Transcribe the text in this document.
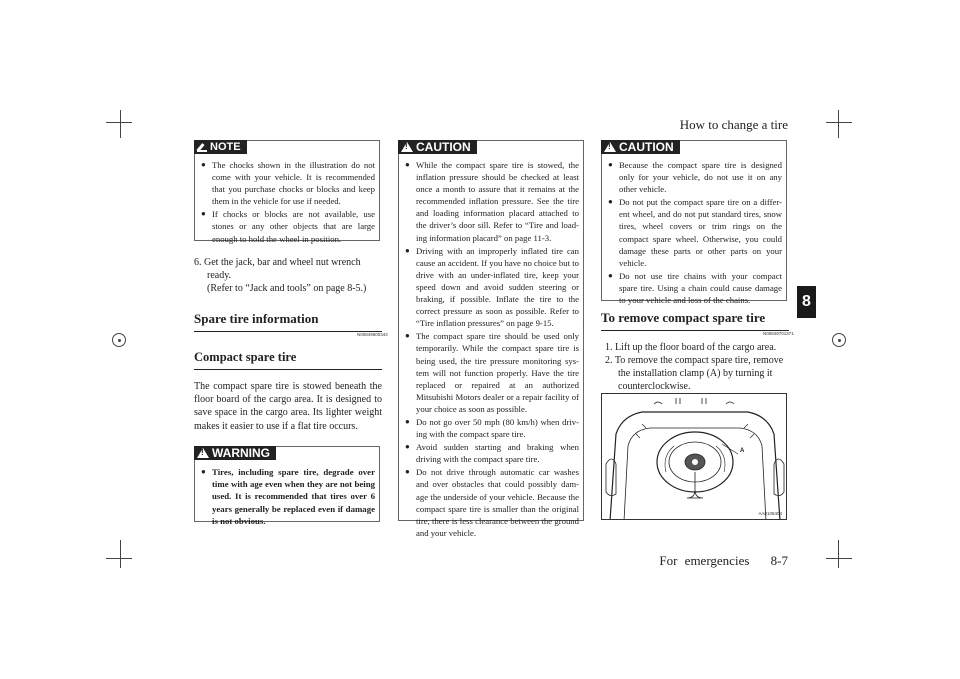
How to change a tire
8
NOTE
● The chocks shown in the illustration do not come with your vehicle. It is recommended that you purchase chocks or blocks and keep them in the vehicle for use if needed.
● If chocks or blocks are not available, use stones or any other objects that are large enough to hold the wheel in position.
6. Get the jack, bar and wheel nut wrench
ready.
(Refer to “Jack and tools” on page 8-5.)
Spare tire information
N00849600344
Compact spare tire
The compact spare tire is stowed beneath the floor board of the cargo area. It is designed to save space in the cargo area. Its lighter weight makes it easier to use if a flat tire occurs.
!
WARNING
● Tires, including spare tire, degrade over time with age even when they are not being used. It is recommended that tires over 6 years generally be replaced even if damage is not obvious.
!
CAUTION
● While the compact spare tire is stowed, the inflation pressure should be checked at least once a month to assure that it remains at the recommended inflation pressure. See the tire and loading information placard attached to the driver’s door sill. Refer to “Tire and load-ing information placard” on page 11-3.
● Driving with an improperly inflated tire can cause an accident. If you have no choice but to drive with an under-inflated tire, keep your speed down and avoid sudden steering or braking, if possible. Inflate the tire to the correct pressure as soon as possible. Refer to “Tire inflation pressures” on page 9-15.
● The compact spare tire should be used only temporarily. While the compact spare tire is being used, the tire pressure monitoring sys-tem will not function properly. Have the tire replaced or repaired at an authorized Mitsubishi Motors dealer or a repair facility of your choice as soon as possible.
● Do not go over 50 mph (80 km/h) when driv-ing with the compact spare tire.
● Avoid sudden starting and braking when driving with the compact spare tire.
● Do not drive through automatic car washes and over obstacles that could possibly dam-age the underside of your vehicle. Because the compact spare tire is smaller than the original tire, there is less clearance between the ground and your vehicle.
!
CAUTION
● Because the compact spare tire is designed only for your vehicle, do not use it on any other vehicle.
● Do not put the compact spare tire on a differ-ent wheel, and do not put standard tires, snow tires, wheel covers or trim rings on the compact spare wheel. Otherwise, you could damage these parts or other parts on your vehicle.
● Do not use tire chains with your compact spare tire. Using a chain could cause damage to your vehicle and loss of the chains.
To remove compact spare tire
N00849701371
1. Lift up the floor board of the cargo area.
2. To remove the compact spare tire, remove
the installation clamp (A) by turning it
counterclockwise.
A
AA0108404
For emergencies 8-7
